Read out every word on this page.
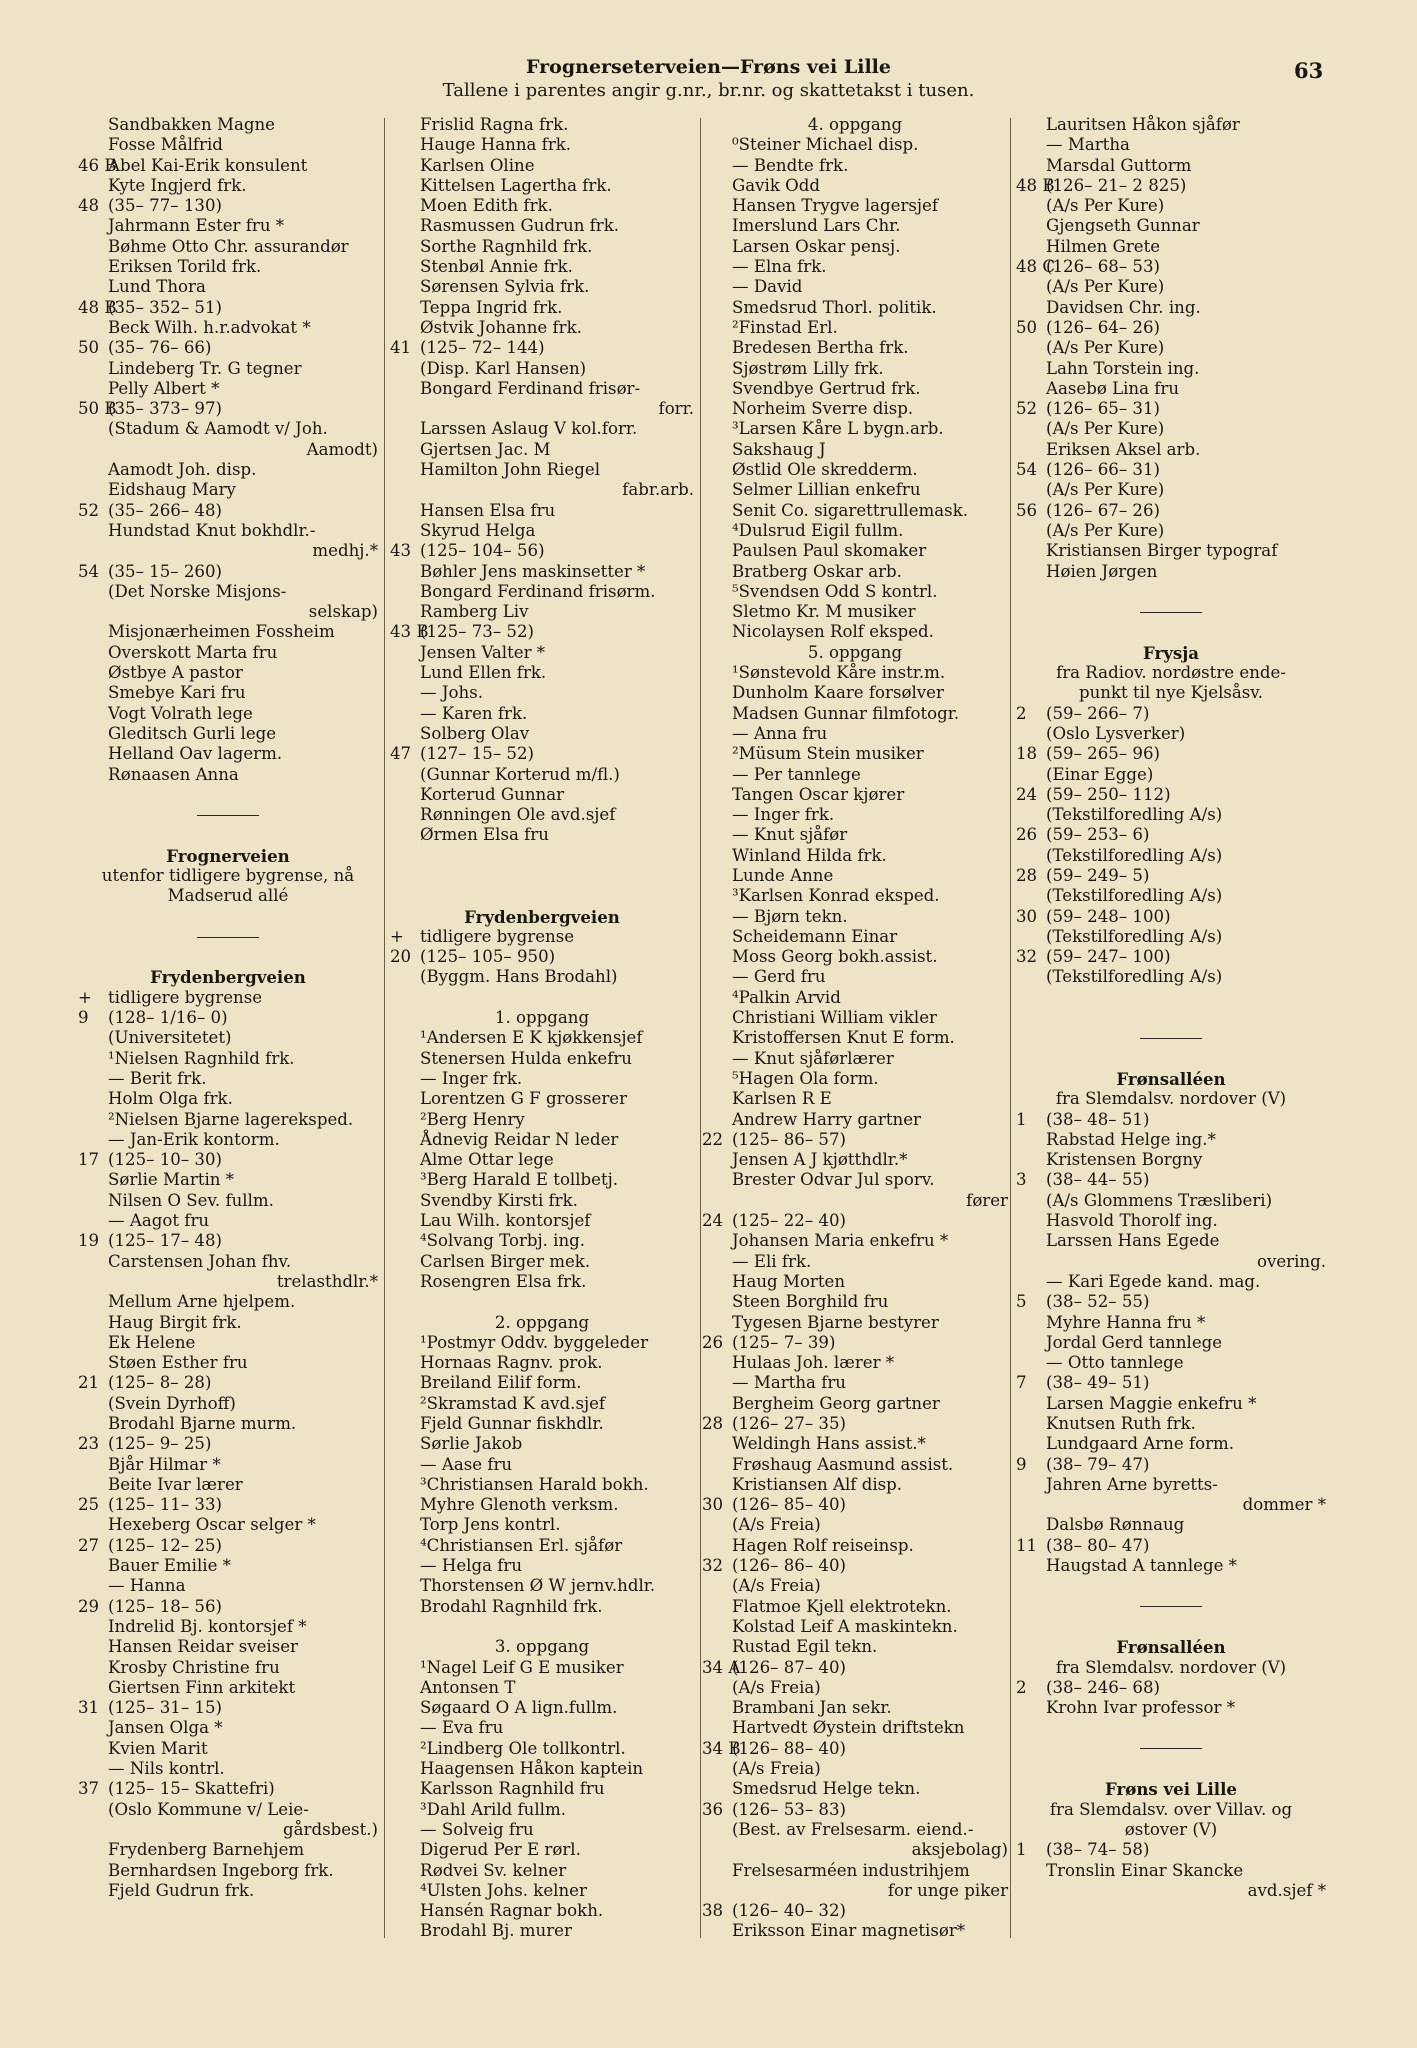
Frognerseterveien—Frøns vei Lille
Tallene i parentes angir g.nr., br.nr. og skattetakst i tusen.
63
Sandbakken Magne
Fosse Målfrid
46 B
Abel Kai-Erik konsulent
Kyte Ingjerd frk.
48 (35– 77– 130)
Jahrmann Ester fru *
Bøhme Otto Chr. assurandør
Eriksen Torild frk.
Lund Thora
48 B
(35– 352– 51)
Beck Wilh. h.r.advokat *
50 (35– 76– 66)
Lindeberg Tr. G tegner
Pelly Albert *
50 B
(35– 373– 97)
(Stadum & Aamodt v/ Joh.
Aamodt)
Aamodt Joh. disp.
Eidshaug Mary
52 (35– 266– 48)
Hundstad Knut bokhdlr.-
medhj.*
54 (35– 15– 260)
(Det Norske Misjons-
selskap)
Misjonærheimen Fossheim
Overskott Marta fru
Østbye A pastor
Smebye Kari fru
Vogt Volrath lege
Gleditsch Gurli lege
Helland Oav lagerm.
Rønaasen Anna
Frognerveien
utenfor tidligere bygrense, nå
Madserud allé
Frydenbergveien
+ tidligere bygrense
9 (128– 1/16– 0)
(Universitetet)
¹Nielsen Ragnhild frk.
— Berit frk.
Holm Olga frk.
²Nielsen Bjarne lagereksped.
— Jan-Erik kontorm.
17 (125– 10– 30)
Sørlie Martin *
Nilsen O Sev. fullm.
— Aagot fru
19 (125– 17– 48)
Carstensen Johan fhv.
trelasthdlr.*
Mellum Arne hjelpem.
Haug Birgit frk.
Ek Helene
Støen Esther fru
21 (125– 8– 28)
(Svein Dyrhoff)
Brodahl Bjarne murm.
23 (125– 9– 25)
Bjår Hilmar *
Beite Ivar lærer
25 (125– 11– 33)
Hexeberg Oscar selger *
27 (125– 12– 25)
Bauer Emilie *
— Hanna
29 (125– 18– 56)
Indrelid Bj. kontorsjef *
Hansen Reidar sveiser
Krosby Christine fru
Giertsen Finn arkitekt
31 (125– 31– 15)
Jansen Olga *
Kvien Marit
— Nils kontrl.
37 (125– 15– Skattefri)
(Oslo Kommune v/ Leie-
gårdsbest.)
Frydenberg Barnehjem
Bernhardsen Ingeborg frk.
Fjeld Gudrun frk.
Frislid Ragna frk.
Hauge Hanna frk.
Karlsen Oline
Kittelsen Lagertha frk.
Moen Edith frk.
Rasmussen Gudrun frk.
Sorthe Ragnhild frk.
Stenbøl Annie frk.
Sørensen Sylvia frk.
Teppa Ingrid frk.
Østvik Johanne frk.
41 (125– 72– 144)
(Disp. Karl Hansen)
Bongard Ferdinand frisør-
forr.
Larssen Aslaug V kol.forr.
Gjertsen Jac. M
Hamilton John Riegel
fabr.arb.
Hansen Elsa fru
Skyrud Helga
43 (125– 104– 56)
Bøhler Jens maskinsetter *
Bongard Ferdinand frisørm.
Ramberg Liv
43 B
(125– 73– 52)
Jensen Valter *
Lund Ellen frk.
— Johs.
— Karen frk.
Solberg Olav
47 (127– 15– 52)
(Gunnar Korterud m/fl.)
Korterud Gunnar
Rønningen Ole avd.sjef
Ørmen Elsa fru
Frydenbergveien
+ tidligere bygrense
20 (125– 105– 950)
(Byggm. Hans Brodahl)
1. oppgang
¹Andersen E K kjøkkensjef
Stenersen Hulda enkefru
— Inger frk.
Lorentzen G F grosserer
²Berg Henry
Ådnevig Reidar N leder
Alme Ottar lege
³Berg Harald E tollbetj.
Svendby Kirsti frk.
Lau Wilh. kontorsjef
⁴Solvang Torbj. ing.
Carlsen Birger mek.
Rosengren Elsa frk.
2. oppgang
¹Postmyr Oddv. byggeleder
Hornaas Ragnv. prok.
Breiland Eilif form.
²Skramstad K avd.sjef
Fjeld Gunnar fiskhdlr.
Sørlie Jakob
— Aase fru
³Christiansen Harald bokh.
Myhre Glenoth verksm.
Torp Jens kontrl.
⁴Christiansen Erl. sjåfør
— Helga fru
Thorstensen Ø W jernv.hdlr.
Brodahl Ragnhild frk.
3. oppgang
¹Nagel Leif G E musiker
Antonsen T
Søgaard O A lign.fullm.
— Eva fru
²Lindberg Ole tollkontrl.
Haagensen Håkon kaptein
Karlsson Ragnhild fru
³Dahl Arild fullm.
— Solveig fru
Digerud Per E rørl.
Rødvei Sv. kelner
⁴Ulsten Johs. kelner
Hansén Ragnar bokh.
Brodahl Bj. murer
4. oppgang
⁰Steiner Michael disp.
— Bendte frk.
Gavik Odd
Hansen Trygve lagersjef
Imerslund Lars Chr.
Larsen Oskar pensj.
— Elna frk.
— David
Smedsrud Thorl. politik.
²Finstad Erl.
Bredesen Bertha frk.
Sjøstrøm Lilly frk.
Svendbye Gertrud frk.
Norheim Sverre disp.
³Larsen Kåre L bygn.arb.
Sakshaug J
Østlid Ole skredderm.
Selmer Lillian enkefru
Senit Co. sigarettrullemask.
⁴Dulsrud Eigil fullm.
Paulsen Paul skomaker
Bratberg Oskar arb.
⁵Svendsen Odd S kontrl.
Sletmo Kr. M musiker
Nicolaysen Rolf eksped.
5. oppgang
¹Sønstevold Kåre instr.m.
Dunholm Kaare forsølver
Madsen Gunnar filmfotogr.
— Anna fru
²Müsum Stein musiker
— Per tannlege
Tangen Oscar kjører
— Inger frk.
— Knut sjåfør
Winland Hilda frk.
Lunde Anne
³Karlsen Konrad eksped.
— Bjørn tekn.
Scheidemann Einar
Moss Georg bokh.assist.
— Gerd fru
⁴Palkin Arvid
Christiani William vikler
Kristoffersen Knut E form.
— Knut sjåførlærer
⁵Hagen Ola form.
Karlsen R E
Andrew Harry gartner
22 (125– 86– 57)
Jensen A J kjøtthdlr.*
Brester Odvar Jul sporv.
fører
24 (125– 22– 40)
Johansen Maria enkefru *
— Eli frk.
Haug Morten
Steen Borghild fru
Tygesen Bjarne bestyrer
26 (125– 7– 39)
Hulaas Joh. lærer *
— Martha fru
Bergheim Georg gartner
28 (126– 27– 35)
Weldingh Hans assist.*
Frøshaug Aasmund assist.
Kristiansen Alf disp.
30 (126– 85– 40)
(A/s Freia)
Hagen Rolf reiseinsp.
32 (126– 86– 40)
(A/s Freia)
Flatmoe Kjell elektrotekn.
Kolstad Leif A maskintekn.
Rustad Egil tekn.
34 A
(126– 87– 40)
(A/s Freia)
Brambani Jan sekr.
Hartvedt Øystein driftstekn
34 B
(126– 88– 40)
(A/s Freia)
Smedsrud Helge tekn.
36 (126– 53– 83)
(Best. av Frelsesarm. eiend.-
aksjebolag)
Frelsesarméen industrihjem
for unge piker
38 (126– 40– 32)
Eriksson Einar magnetisør*
Lauritsen Håkon sjåfør
— Martha
Marsdal Guttorm
48 B
(126– 21– 2 825)
(A/s Per Kure)
Gjengseth Gunnar
Hilmen Grete
48 C
(126– 68– 53)
(A/s Per Kure)
Davidsen Chr. ing.
50 (126– 64– 26)
(A/s Per Kure)
Lahn Torstein ing.
Aasebø Lina fru
52 (126– 65– 31)
(A/s Per Kure)
Eriksen Aksel arb.
54 (126– 66– 31)
(A/s Per Kure)
56 (126– 67– 26)
(A/s Per Kure)
Kristiansen Birger typograf
Høien Jørgen
Frysja
fra Radiov. nordøstre ende-
punkt til nye Kjelsåsv.
2 (59– 266– 7)
(Oslo Lysverker)
18 (59– 265– 96)
(Einar Egge)
24 (59– 250– 112)
(Tekstilforedling A/s)
26 (59– 253– 6)
(Tekstilforedling A/s)
28 (59– 249– 5)
(Tekstilforedling A/s)
30 (59– 248– 100)
(Tekstilforedling A/s)
32 (59– 247– 100)
(Tekstilforedling A/s)
Frønsalléen
fra Slemdalsv. nordover (V)
1 (38– 48– 51)
Rabstad Helge ing.*
Kristensen Borgny
3 (38– 44– 55)
(A/s Glommens Træsliberi)
Hasvold Thorolf ing.
Larssen Hans Egede
overing.
— Kari Egede kand. mag.
5 (38– 52– 55)
Myhre Hanna fru *
Jordal Gerd tannlege
— Otto tannlege
7 (38– 49– 51)
Larsen Maggie enkefru *
Knutsen Ruth frk.
Lundgaard Arne form.
9 (38– 79– 47)
Jahren Arne byretts-
dommer *
Dalsbø Rønnaug
11 (38– 80– 47)
Haugstad A tannlege *
Frønsalléen
fra Slemdalsv. nordover (V)
2 (38– 246– 68)
Krohn Ivar professor *
Frøns vei Lille
fra Slemdalsv. over Villav. og
østover (V)
1 (38– 74– 58)
Tronslin Einar Skancke
avd.sjef *
